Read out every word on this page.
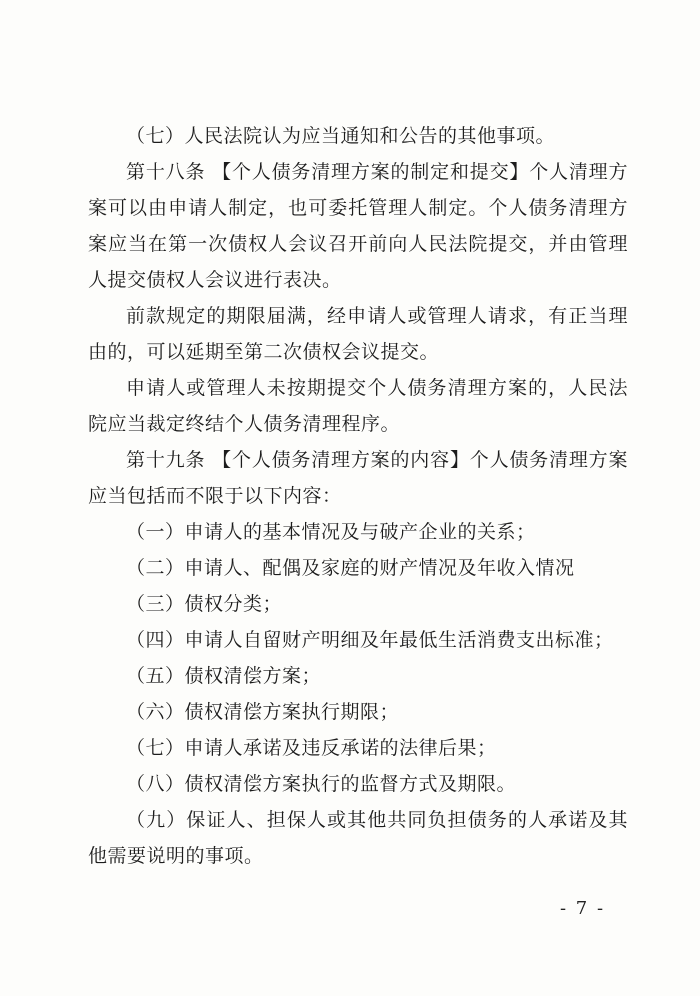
（七）人民法院认为应当通知和公告的其他事项。

第十八条 【个人债务清理方案的制定和提交】个人清理方案可以由申请人制定，也可委托管理人制定。个人债务清理方案应当在第一次债权人会议召开前向人民法院提交，并由管理人提交债权人会议进行表决。

前款规定的期限届满，经申请人或管理人请求，有正当理由的，可以延期至第二次债权会议提交。

申请人或管理人未按期提交个人债务清理方案的，人民法院应当裁定终结个人债务清理程序。

第十九条 【个人债务清理方案的内容】个人债务清理方案应当包括而不限于以下内容：

（一）申请人的基本情况及与破产企业的关系；

（二）申请人、配偶及家庭的财产情况及年收入情况

（三）债权分类；

（四）申请人自留财产明细及年最低生活消费支出标准；

（五）债权清偿方案；

（六）债权清偿方案执行期限；

（七）申请人承诺及违反承诺的法律后果；

（八）债权清偿方案执行的监督方式及期限。

（九）保证人、担保人或其他共同负担债务的人承诺及其他需要说明的事项。

- 7 -
